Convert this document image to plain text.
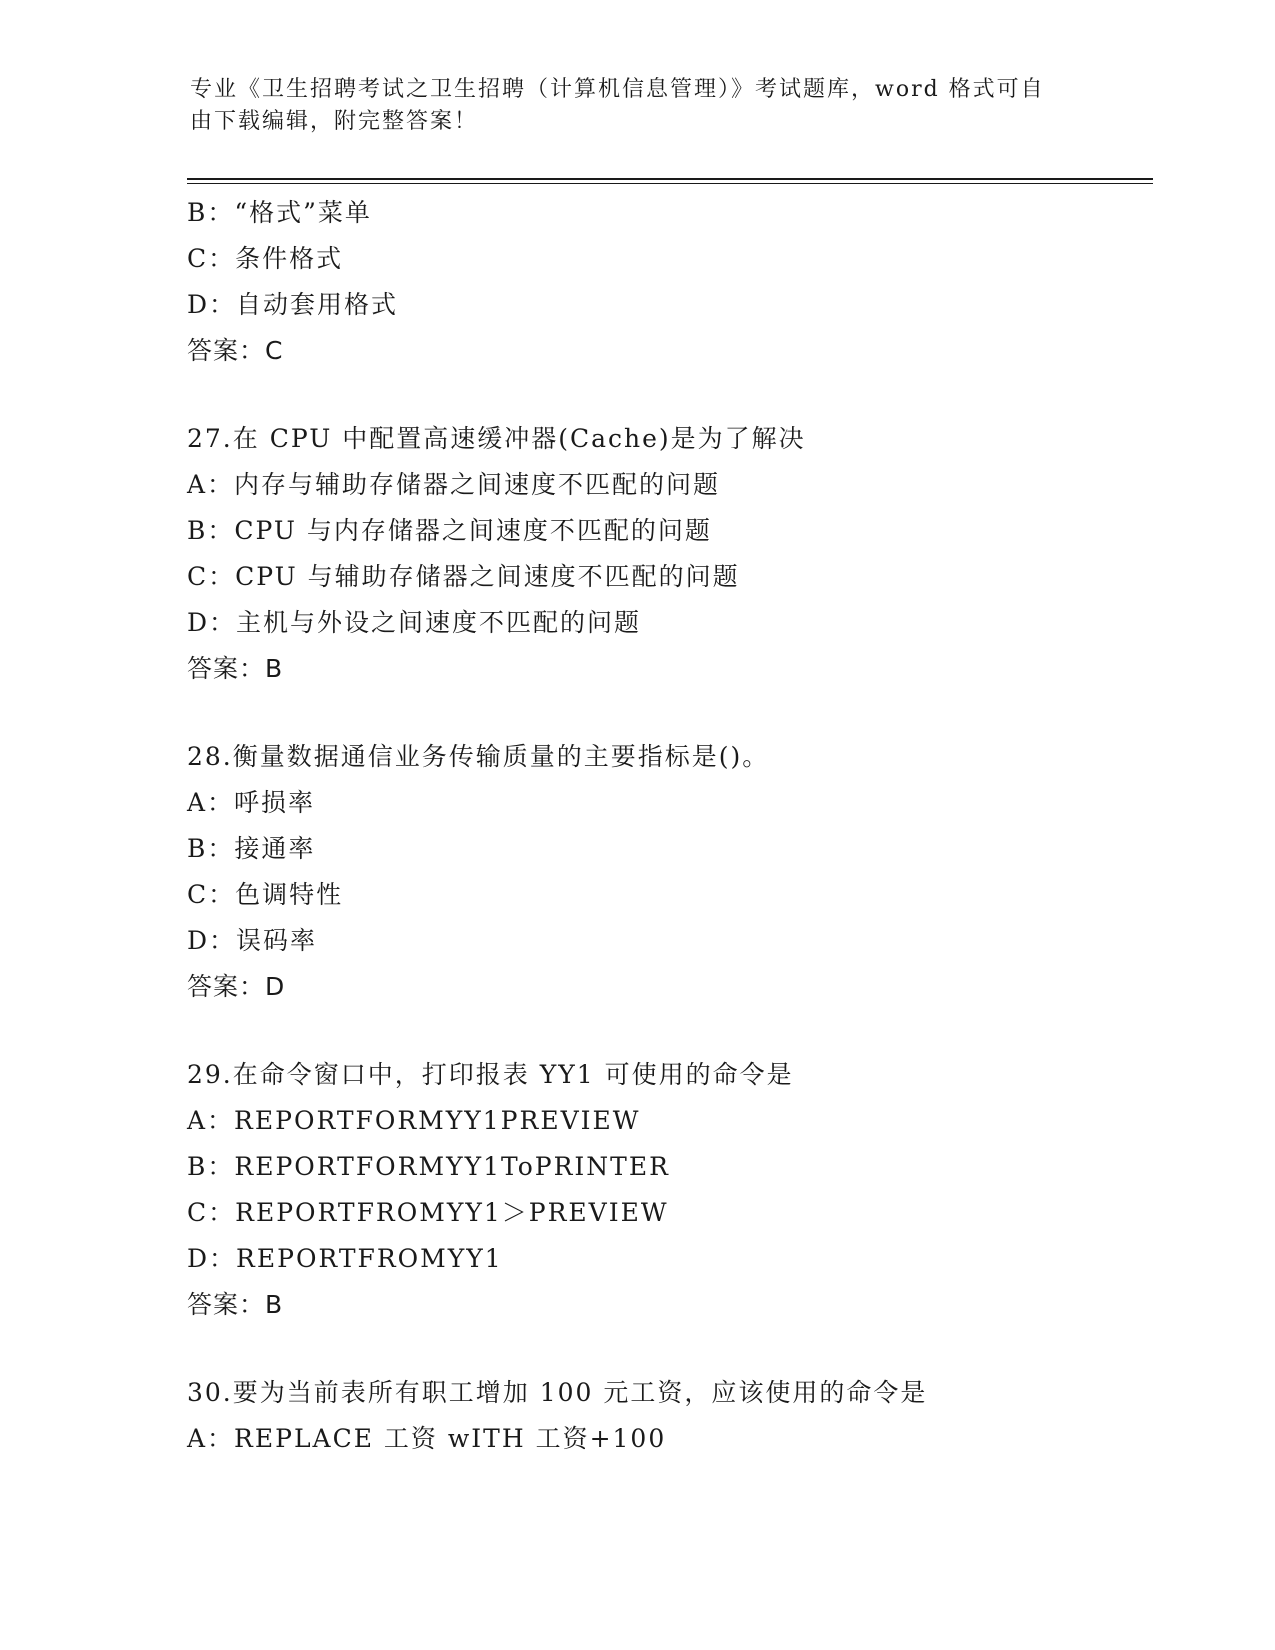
专业《卫生招聘考试之卫生招聘（计算机信息管理）》考试题库，word 格式可自
由下载编辑，附完整答案！
B：“格式”菜单
C：条件格式
D：自动套用格式
答案：C
27.在 CPU 中配置高速缓冲器(Cache)是为了解决
A：内存与辅助存储器之间速度不匹配的问题
B：CPU 与内存储器之间速度不匹配的问题
C：CPU 与辅助存储器之间速度不匹配的问题
D：主机与外设之间速度不匹配的问题
答案：B
28.衡量数据通信业务传输质量的主要指标是()。
A：呼损率
B：接通率
C：色调特性
D：误码率
答案：D
29.在命令窗口中，打印报表 YY1 可使用的命令是
A：REPORTFORMYY1PREVIEW
B：REPORTFORMYY1ToPRINTER
C：REPORTFROMYY1＞PREVIEW
D：REPORTFROMYY1
答案：B
30.要为当前表所有职工增加 100 元工资，应该使用的命令是
A：REPLACE 工资 wITH 工资+100
